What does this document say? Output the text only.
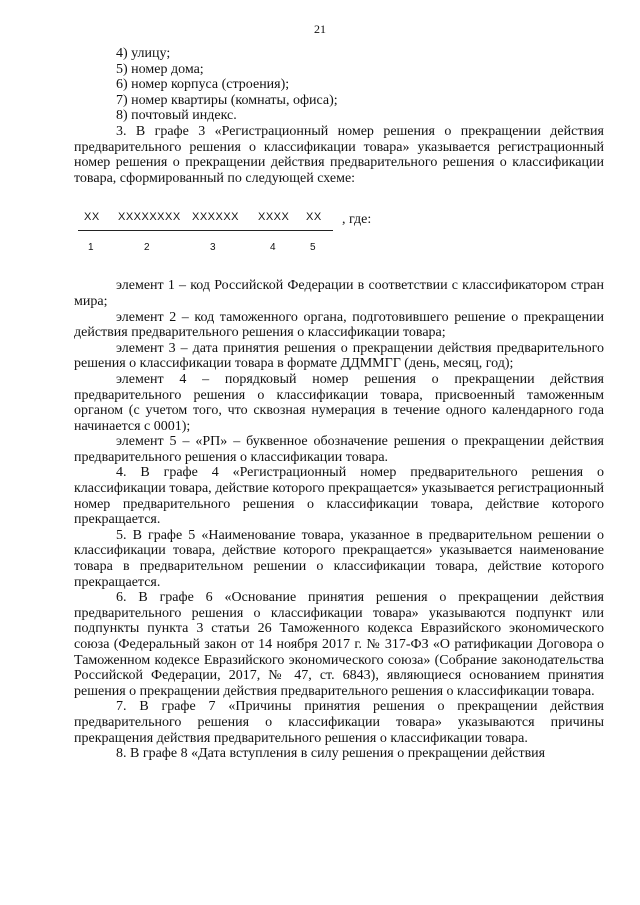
21

4) улицу;

5) номер дома;

6) номер корпуса (строения);

7) номер квартиры (комнаты, офиса);

8) почтовый индекс.

3. В графе 3 «Регистрационный номер решения о прекращении действия предварительного решения о классификации товара» указывается регистрационный номер решения о прекращении действия предварительного решения о классификации товара, сформированный по следующей схеме:

XX XXXXXXXX XXXXXX XXXX XX
1	2	3	4	5
, где:

элемент 1 – код Российской Федерации в соответствии с классификатором стран мира;

элемент 2 – код таможенного органа, подготовившего решение о прекращении действия предварительного решения о классификации товара;

элемент 3 – дата принятия решения о прекращении действия предварительного решения о классификации товара в формате ДДММГГ (день, месяц, год);

элемент 4 – порядковый номер решения о прекращении действия предварительного решения о классификации товара, присвоенный таможенным органом (с учетом того, что сквозная нумерация в течение одного календарного года начинается с 0001);

элемент 5 – «РП» – буквенное обозначение решения о прекращении действия предварительного решения о классификации товара.

4. В графе 4 «Регистрационный номер предварительного решения о классификации товара, действие которого прекращается» указывается регистрационный номер предварительного решения о классификации товара, действие которого прекращается.

5. В графе 5 «Наименование товара, указанное в предварительном решении о классификации товара, действие которого прекращается» указывается наименование товара в предварительном решении о классификации товара, действие которого прекращается.

6. В графе 6 «Основание принятия решения о прекращении действия предварительного решения о классификации товара» указываются подпункт или подпункты пункта 3 статьи 26 Таможенного кодекса Евразийского экономического союза (Федеральный закон от 14 ноября 2017 г. № 317-ФЗ «О ратификации Договора о Таможенном кодексе Евразийского экономического союза» (Собрание законодательства Российской Федерации, 2017, № 47, ст. 6843), являющиеся основанием принятия решения о прекращении действия предварительного решения о классификации товара.

7. В графе 7 «Причины принятия решения о прекращении действия предварительного решения о классификации товара» указываются причины прекращения действия предварительного решения о классификации товара.

8. В графе 8 «Дата вступления в силу решения о прекращении действия
